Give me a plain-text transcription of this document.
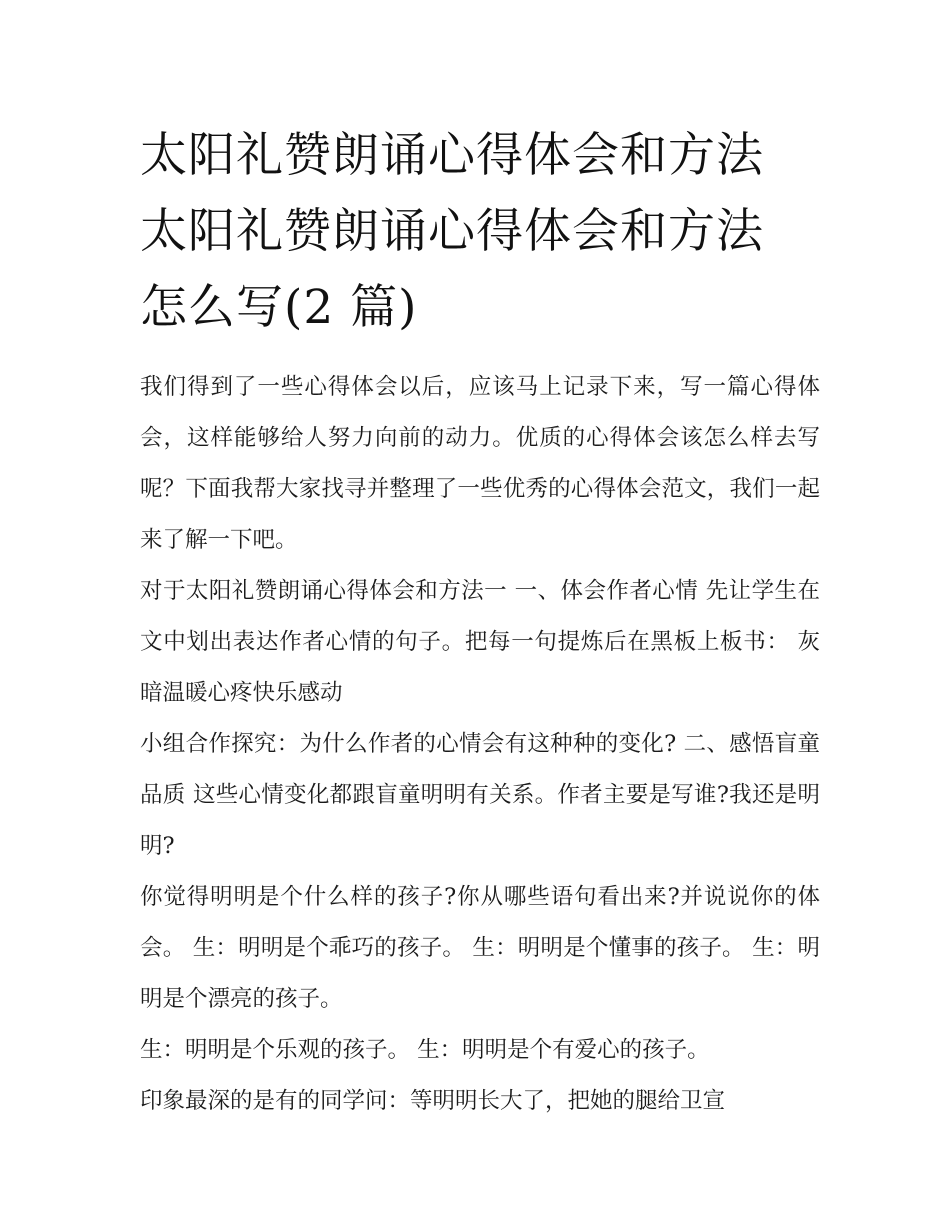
太阳礼赞朗诵心得体会和方法
太阳礼赞朗诵心得体会和方法
怎么写(2 篇)

我们得到了一些心得体会以后，应该马上记录下来，写一篇心得体会，这样能够给人努力向前的动力。优质的心得体会该怎么样去写呢？下面我帮大家找寻并整理了一些优秀的心得体会范文，我们一起来了解一下吧。

对于太阳礼赞朗诵心得体会和方法一 一、体会作者心情 先让学生在文中划出表达作者心情的句子。把每一句提炼后在黑板上板书： 灰暗温暖心疼快乐感动

小组合作探究：为什么作者的心情会有这种种的变化? 二、感悟盲童品质 这些心情变化都跟盲童明明有关系。作者主要是写谁?我还是明明?

你觉得明明是个什么样的孩子?你从哪些语句看出来?并说说你的体会。 生：明明是个乖巧的孩子。 生：明明是个懂事的孩子。 生：明明是个漂亮的孩子。

生：明明是个乐观的孩子。 生：明明是个有爱心的孩子。

印象最深的是有的同学问：等明明长大了，把她的腿给卫宣
